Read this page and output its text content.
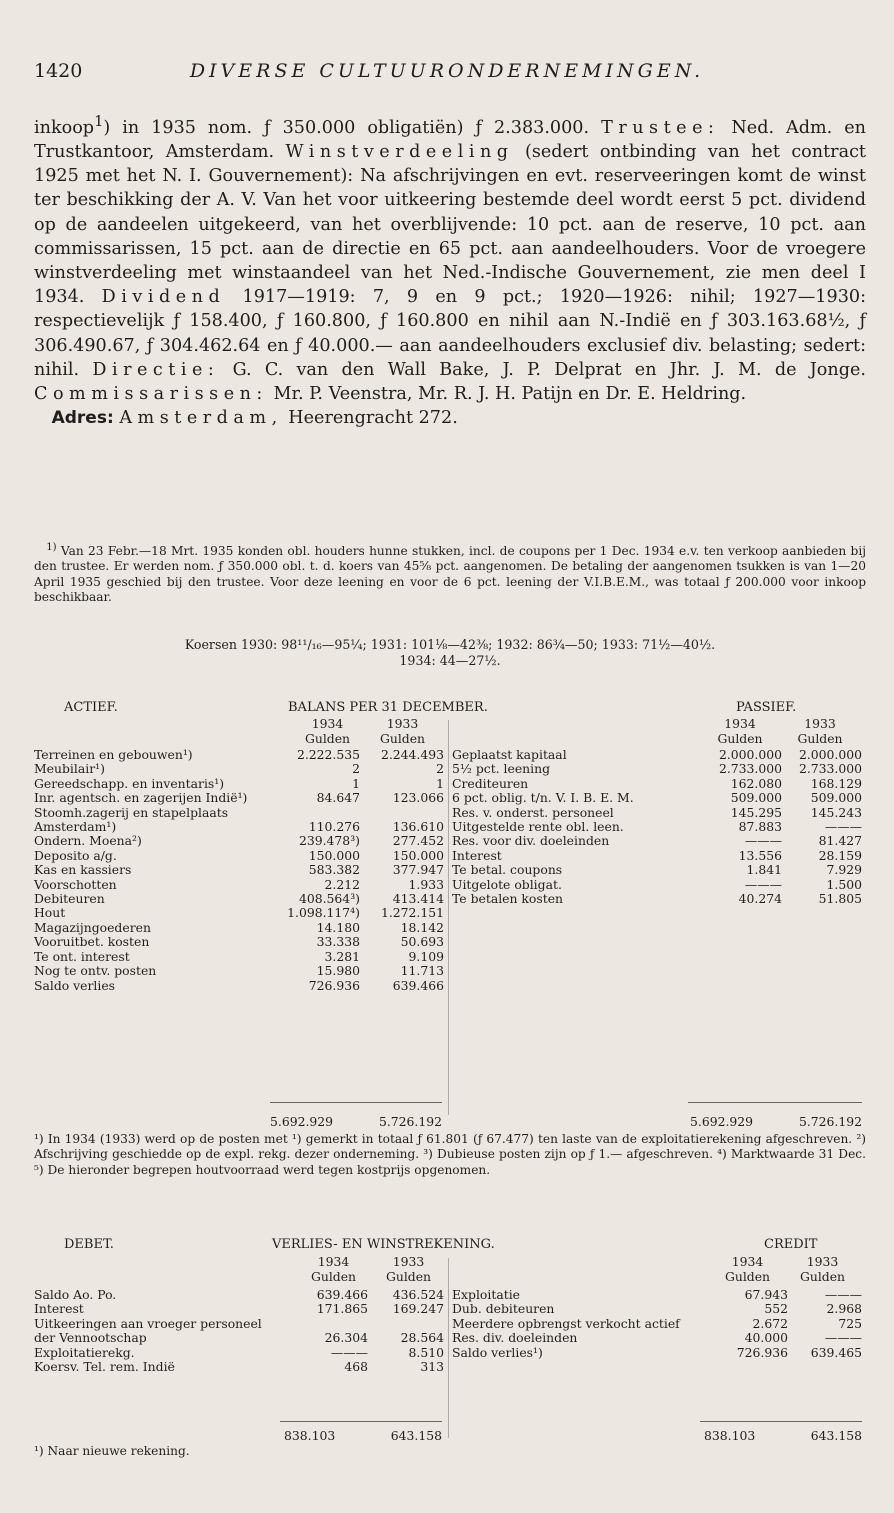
1420	DIVERSE CULTUURONDERNEMINGEN.
inkoop$^1$) in 1935 nom. ƒ 350.000 obligatiën) ƒ 2.383.000. Trustee: Ned. Adm. en Trustkantoor, Amsterdam. Winstverdeeling (sedert ontbinding van het contract 1925 met het N. I. Gouvernement): Na afschrijvingen en evt. reserveeringen komt de winst ter beschikking der A. V. Van het voor uitkeering bestemde deel wordt eerst 5 pct. dividend op de aandeelen uitgekeerd, van het overblijvende: 10 pct. aan de reserve, 10 pct. aan commissarissen, 15 pct. aan de directie en 65 pct. aan aandeelhouders. Voor de vroegere winstverdeeling met winstaandeel van het Ned.-Indische Gouvernement, zie men deel I 1934. Dividend 1917—1919: 7, 9 en 9 pct.; 1920—1926: nihil; 1927—1930: respectievelijk ƒ 158.400, ƒ 160.800, ƒ 160.800 en nihil aan N.-Indië en ƒ 303.163.68½, ƒ 306.490.67, ƒ 304.462.64 en ƒ 40.000.— aan aandeelhouders exclusief div. belasting; sedert: nihil. Directie: G. C. van den Wall Bake, J. P. Delprat en Jhr. J. M. de Jonge. Commissarissen: Mr. P. Veenstra, Mr. R. J. H. Patijn en Dr. E. Heldring.
 Adres: Amsterdam, Heerengracht 272.
 $^{1)}$ Van 23 Febr.—18 Mrt. 1935 konden obl. houders hunne stukken, incl. de coupons per 1 Dec. 1934 e.v. ten verkoop aanbieden bij den trustee. Er werden nom. ƒ 350.000 obl. t. d. koers van 45⅝ pct. aangenomen. De betaling der aangenomen tsukken is van 1—20 April 1935 geschied bij den trustee. Voor deze leening en voor de 6 pct. leening der V.I.B.E.M., was totaal ƒ 200.000 voor inkoop beschikbaar.
Koersen 1930: 98¹¹/₁₆—95¼; 1931: 101⅛—42⅜; 1932: 86¾—50; 1933: 71½—40½.
1934: 44—27½.
ACTIEF.	BALANS PER 31 DECEMBER.	PASSIEF.
1934	1933
Gulden Gulden
1934	1933
Gulden	Gulden
Terreinen en gebouwen¹)	2.222.535	2.244.493
Meubilair¹)	2	2
Gereedschapp. en inventaris¹)	1	1
Inr. agentsch. en zagerijen Indië¹)	84.647	123.066
Stoomh.zagerij en stapelplaats Amsterdam¹)	110.276	136.610
Ondern. Moena²)	239.478³)	277.452
Deposito a/g.	150.000	150.000
Kas en kassiers	583.382	377.947
Voorschotten	2.212	1.933
Debiteuren	408.564³)	413.414
Hout	1.098.117⁴)	1.272.151
Magazijngoederen	14.180	18.142
Vooruitbet. kosten	33.338	50.693
Te ont. interest	3.281	9.109
Nog te ontv. posten	15.980	11.713
Saldo verlies	726.936	639.466
Geplaatst kapitaal	2.000.000	2.000.000
5½ pct. leening	2.733.000	2.733.000
Crediteuren	162.080	168.129
6 pct. oblig. t/n. V. I. B. E. M.	509.000	509.000
Res. v. onderst. personeel	145.295	145.243
Uitgestelde rente obl. leen.	87.883	———
Res. voor div. doeleinden	———	81.427
Interest	13.556	28.159
Te betal. coupons	1.841	7.929
Uitgelote obligat.	———	1.500
Te betalen kosten	40.274	51.805
5.692.929	5.726.192	5.692.929	5.726.192
¹) In 1934 (1933) werd op de posten met ¹) gemerkt in totaal ƒ 61.801 (ƒ 67.477) ten laste van de exploitatierekening afgeschreven. ²) Afschrijving geschiedde op de expl. rekg. dezer onderneming. ³) Dubieuse posten zijn op ƒ 1.— afgeschreven. ⁴) Marktwaarde 31 Dec. ⁵) De hieronder begrepen houtvoorraad werd tegen kostprijs opgenomen.
DEBET.	VERLIES- EN WINSTREKENING.	CREDIT
1934	1933
Gulden Gulden
1934	1933
Gulden Gulden
Saldo Ao. Po.	639.466	436.524
Interest	171.865	169.247
Uitkeeringen aan vroeger personeel der Vennootschap	26.304	28.564
Exploitatierekg.	———	8.510
Koersv. Tel. rem. Indië	468	313
Exploitatie	67.943	———
Dub. debiteuren	552	2.968
Meerdere opbrengst verkocht actief	2.672	725
Res. div. doeleinden	40.000	———
Saldo verlies¹)	726.936	639.465
838.103	643.158	838.103	643.158
¹) Naar nieuwe rekening.
